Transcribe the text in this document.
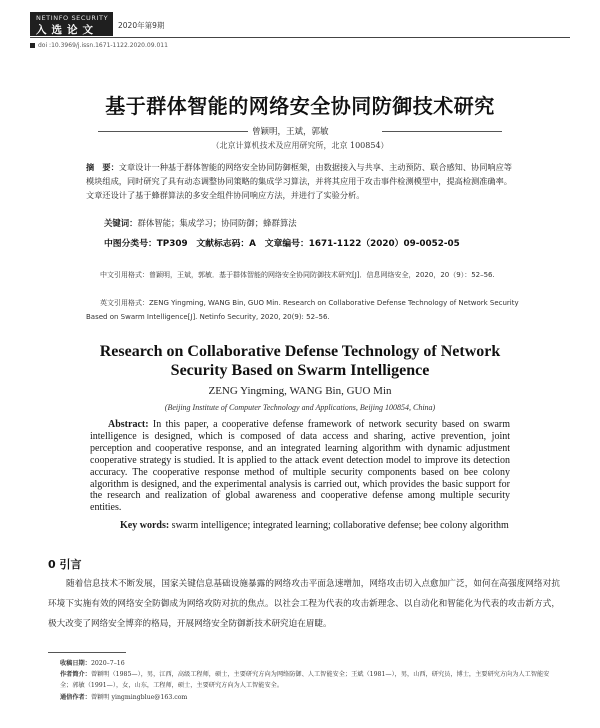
NETINFO SECURITY
入选论文	2020年第9期
doi :10.3969/j.issn.1671-1122.2020.09.011
基于群体智能的网络安全协同防御技术研究
曾颖明，王斌，郭敏
（北京计算机技术及应用研究所，北京 100854）
摘　要：文章设计一种基于群体智能的网络安全协同防御框架，由数据接入与共享、主动预防、联合感知、协同响应等模块组成，同时研究了具有动态调整协同策略的集成学习算法，并将其应用于攻击事件检测模型中，提高检测准确率。文章还设计了基于蜂群算法的多安全组件协同响应方法，并进行了实验分析。
关键词：群体智能；集成学习；协同防御；蜂群算法
中图分类号：TP309　文献标志码：A　文章编号：1671-1122（2020）09-0052-05
中文引用格式：曾颖明，王斌，郭敏．基于群体智能的网络安全协同防御技术研究[J]．信息网络安全，2020，20（9）：52–56.
英文引用格式：ZENG Yingming, WANG Bin, GUO Min. Research on Collaborative Defense Technology of Network Security Based on Swarm Intelligence[J]. Netinfo Security, 2020, 20(9): 52–56.
Research on Collaborative Defense Technology of Network
Security Based on Swarm Intelligence
ZENG Yingming, WANG Bin, GUO Min
(Beijing Institute of Computer Technology and Applications, Beijing 100854, China)
Abstract: In this paper, a cooperative defense framework of network security based on swarm intelligence is designed, which is composed of data access and sharing, active prevention, joint perception and cooperative response, and an integrated learning algorithm with dynamic adjustment cooperative strategy is studied. It is applied to the attack event detection model to improve its detection accuracy. The cooperative response method of multiple security components based on bee colony algorithm is designed, and the experimental analysis is carried out, which provides the basic support for the research and realization of global awareness and cooperative defense among multiple security entities.
Key words: swarm intelligence; integrated learning; collaborative defense; bee colony algorithm
0 引言

随着信息技术不断发展，国家关键信息基础设施暴露的网络攻击平面急速增加，网络攻击切入点愈加广泛，如何在高强度网络对抗环境下实施有效的网络安全防御成为网络攻防对抗的焦点。以社会工程为代表的攻击新理念、以自动化和智能化为代表的攻击新方式，极大改变了网络安全博弈的格局，开展网络安全防御新技术研究迫在眉睫。

收稿日期：2020–7–16
作者简介：曾颖明（1985—），男，江西，高级工程师，硕士，主要研究方向为网络防御、人工智能安全；王斌（1981—），男，山西，研究员，博士，主要研究方向为人工智能安全；郭敏（1991—），女，山东，工程师，硕士，主要研究方向为人工智能安全。
通信作者：曾颖明 yingmingblue@163.com
